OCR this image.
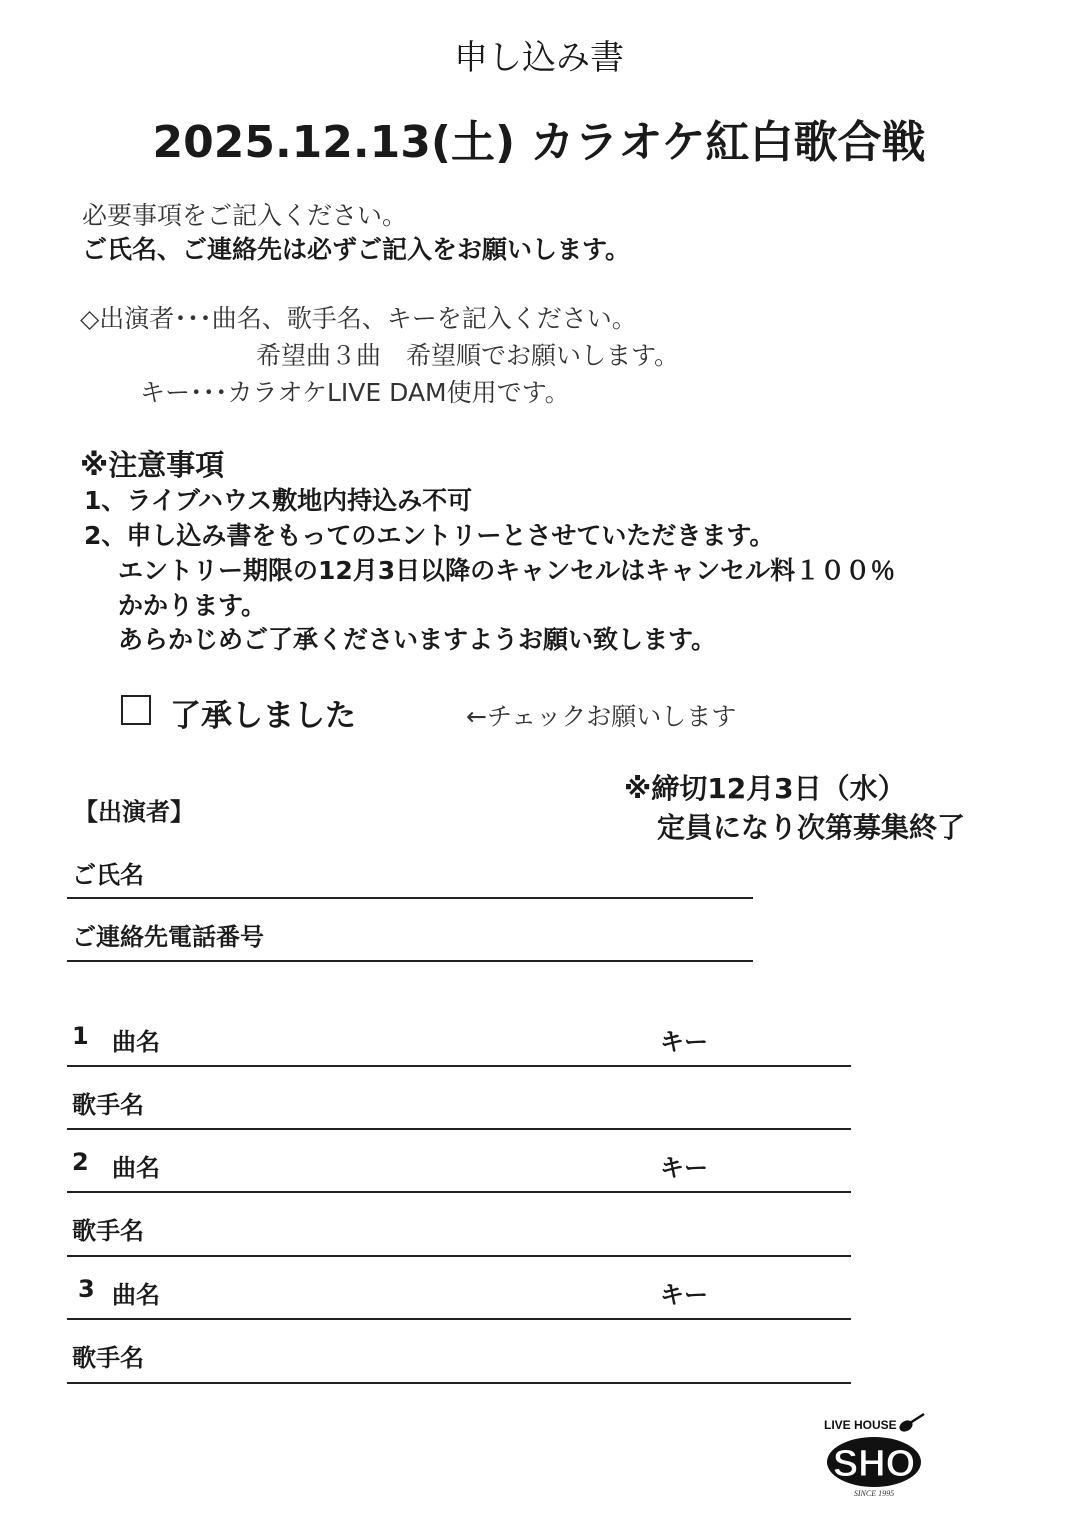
申し込み書
2025.12.13(土) カラオケ紅白歌合戦
必要事項をご記入ください。
ご氏名、ご連絡先は必ずご記入をお願いします。
◇出演者･･･曲名、歌手名、キーを記入ください。
希望曲３曲　希望順でお願いします。
キー･･･カラオケLIVE DAM使用です。
※注意事項
1、ライブハウス敷地内持込み不可
2、申し込み書をもってのエントリーとさせていただきます。
エントリー期限の12月3日以降のキャンセルはキャンセル料１００％
かかります。
あらかじめご了承くださいますようお願い致します。
了承しました	←チェックお願いします
※締切12月3日（水）
定員になり次第募集終了
【出演者】
ご氏名
ご連絡先電話番号
1 曲名	キー
歌手名
2 曲名	キー
歌手名
3 曲名	キー
歌手名
LIVE HOUSE
SHO
SINCE 1995
